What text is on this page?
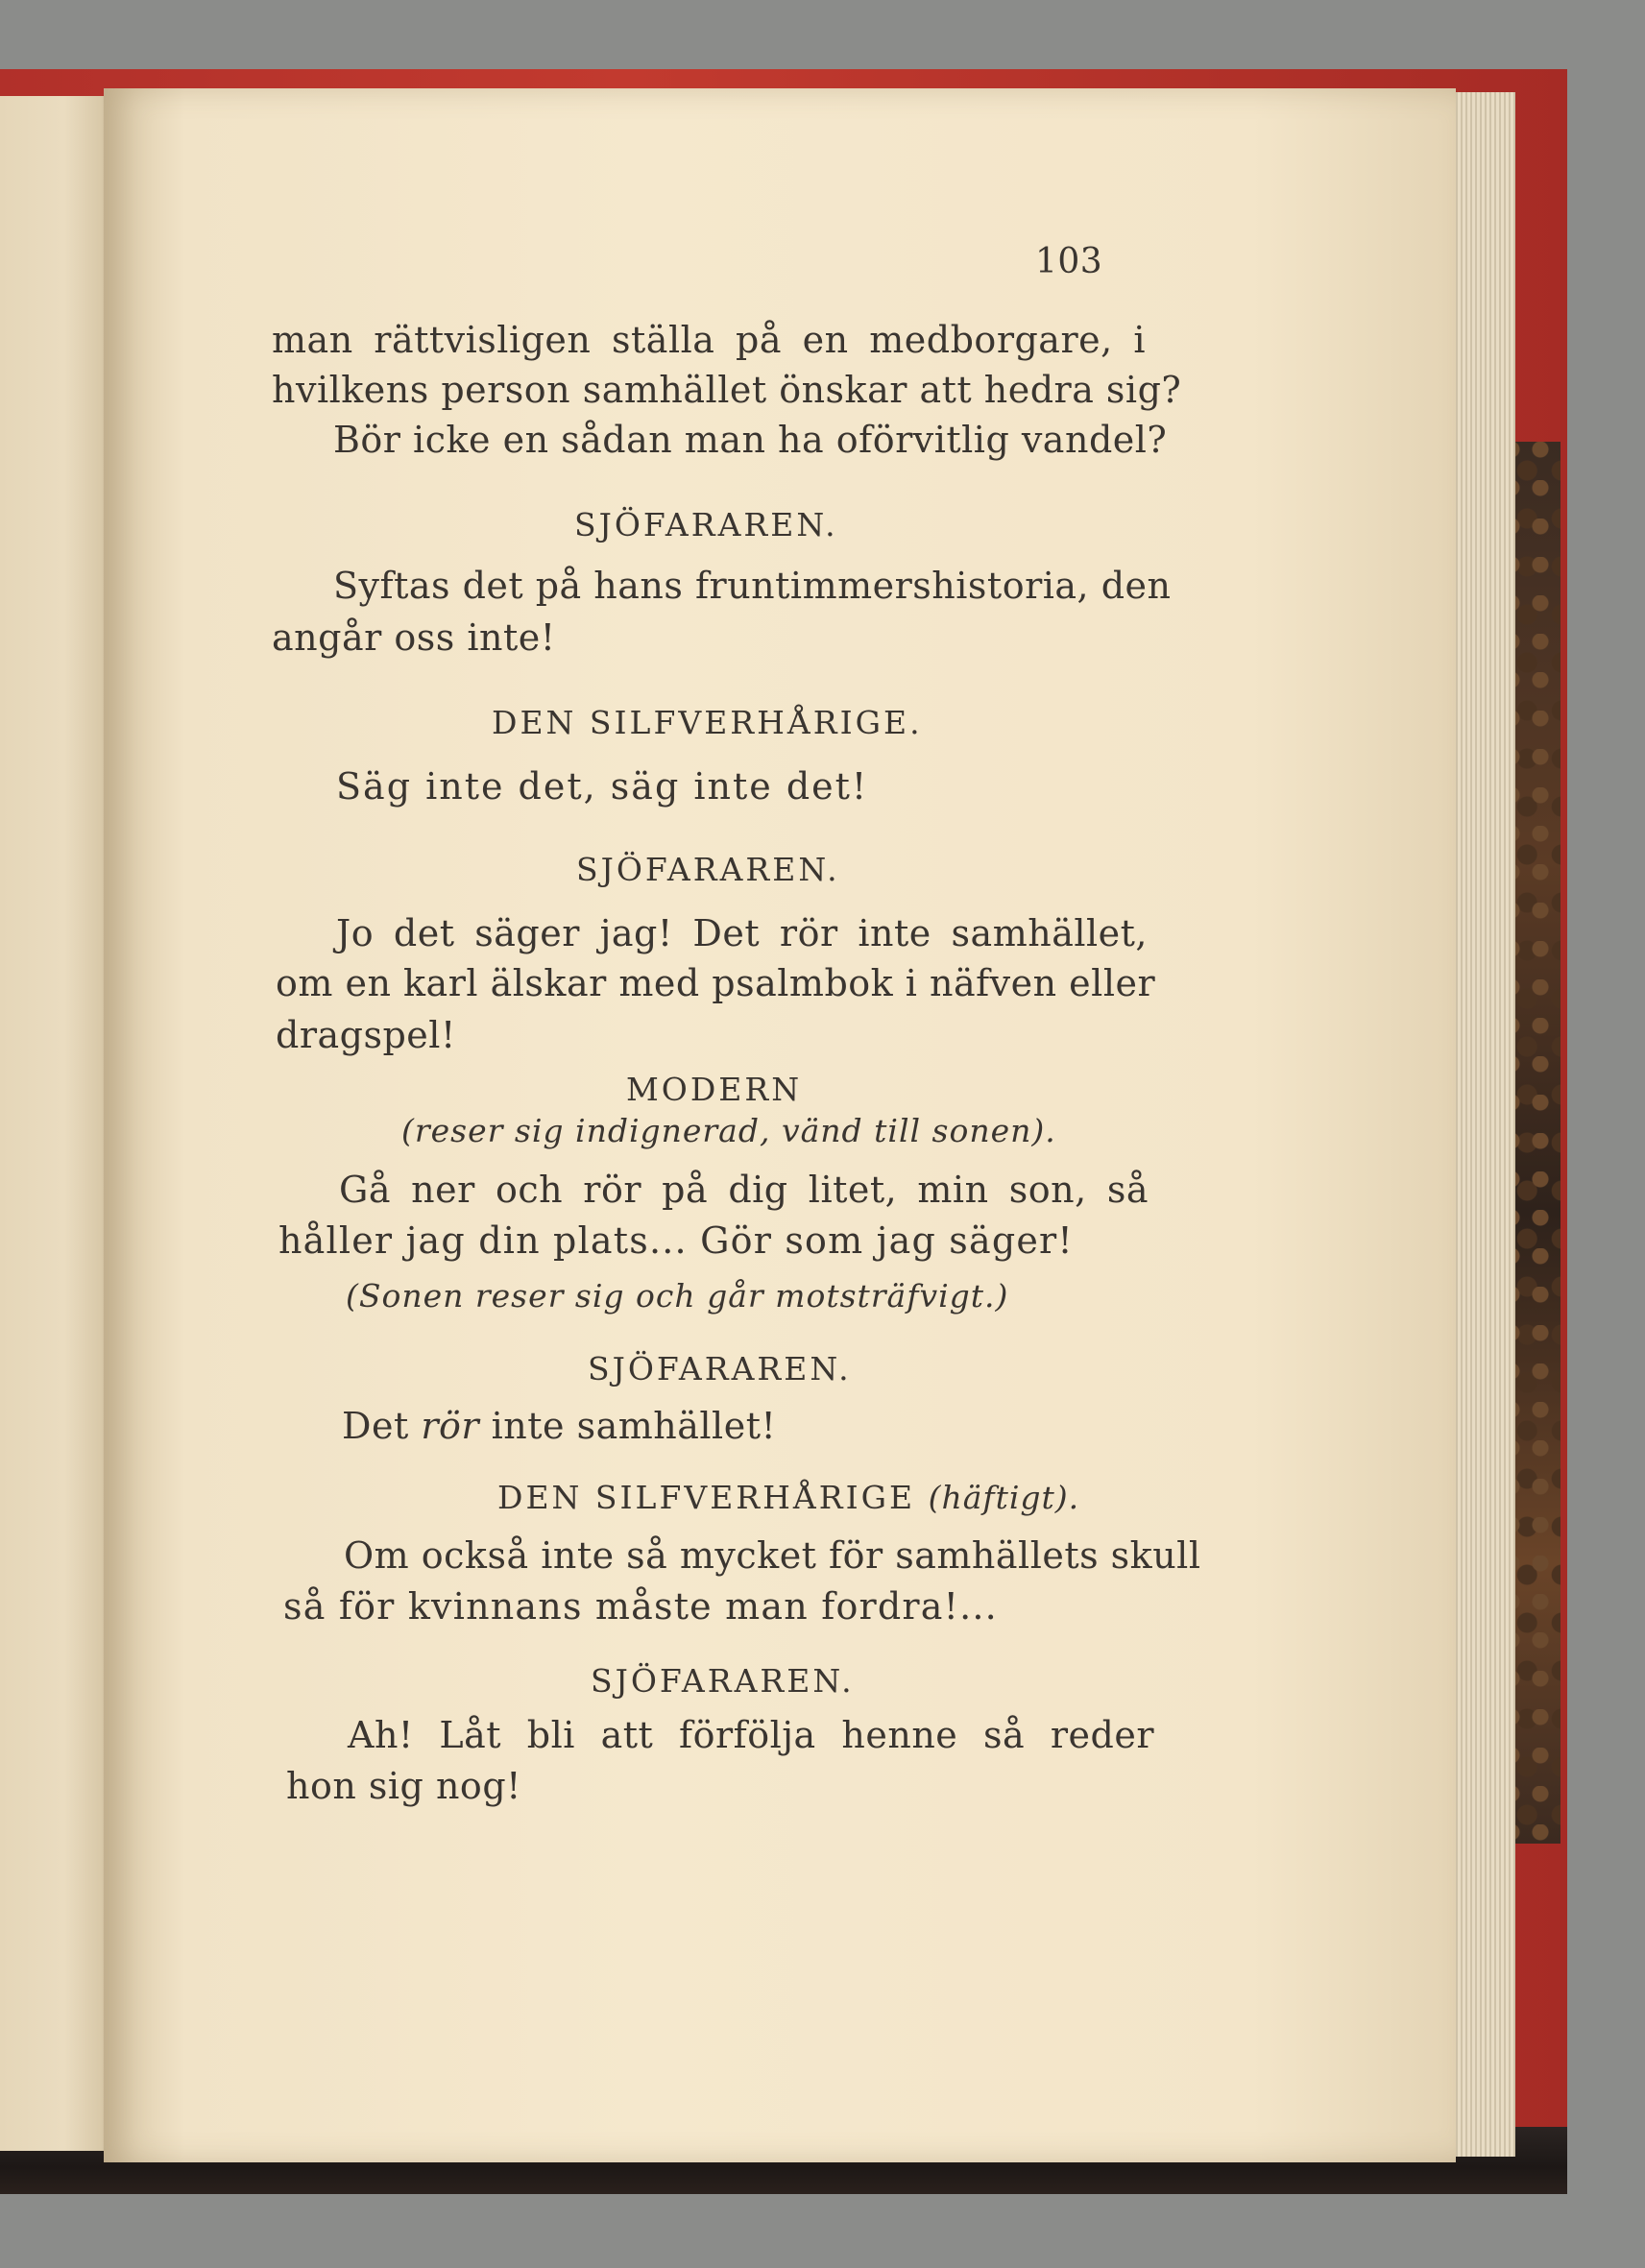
103
man rättvisligen ställa på en medborgare, i
hvilkens person samhället önskar att hedra sig?
Bör icke en sådan man ha oförvitlig vandel?
SJÖFARAREN.
Syftas det på hans fruntimmershistoria, den
angår oss inte!
DEN SILFVERHÅRIGE.
Säg inte det, säg inte det!
SJÖFARAREN.
Jo det säger jag! Det rör inte samhället,
om en karl älskar med psalmbok i näfven eller
dragspel!
MODERN
(reser sig indignerad, vänd till sonen).
Gå ner och rör på dig litet, min son, så
håller jag din plats... Gör som jag säger!
(Sonen reser sig och går motsträfvigt.)
SJÖFARAREN.
Det rör inte samhället!
DEN SILFVERHÅRIGE (häftigt).
Om också inte så mycket för samhällets skull
så för kvinnans måste man fordra!...
SJÖFARAREN.
Ah! Låt bli att förfölja henne så reder
hon sig nog!
